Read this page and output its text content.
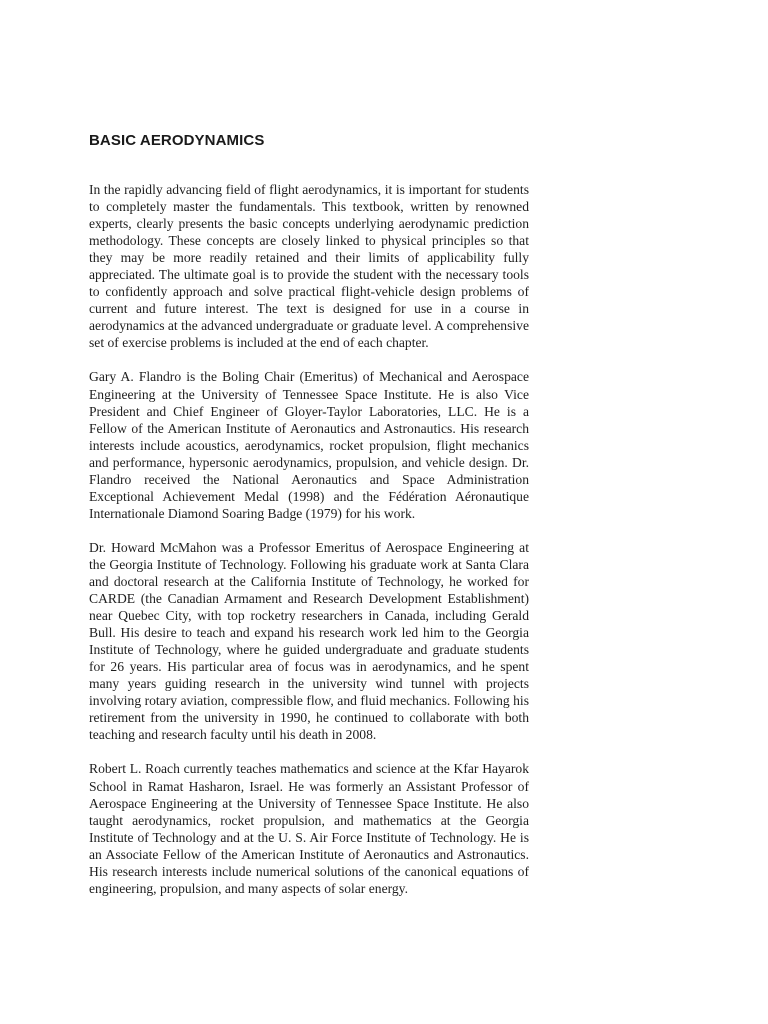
BASIC AERODYNAMICS

In the rapidly advancing field of flight aerodynamics, it is important for students to completely master the fundamentals. This textbook, written by renowned experts, clearly presents the basic concepts underlying aerodynamic prediction methodology. These concepts are closely linked to physical principles so that they may be more readily retained and their limits of applicability fully appreciated. The ultimate goal is to provide the student with the necessary tools to confidently approach and solve practical flight-vehicle design problems of current and future interest. The text is designed for use in a course in aerodynamics at the advanced undergraduate or graduate level. A comprehensive set of exercise problems is included at the end of each chapter.

Gary A. Flandro is the Boling Chair (Emeritus) of Mechanical and Aerospace Engineering at the University of Tennessee Space Institute. He is also Vice President and Chief Engineer of Gloyer-Taylor Laboratories, LLC. He is a Fellow of the American Institute of Aeronautics and Astronautics. His research interests include acoustics, aerodynamics, rocket propulsion, flight mechanics and performance, hypersonic aerodynamics, propulsion, and vehicle design. Dr. Flandro received the National Aeronautics and Space Administration Exceptional Achievement Medal (1998) and the Fédération Aéronautique Internationale Diamond Soaring Badge (1979) for his work.

Dr. Howard McMahon was a Professor Emeritus of Aerospace Engineering at the Georgia Institute of Technology. Following his graduate work at Santa Clara and doctoral research at the California Institute of Technology, he worked for CARDE (the Canadian Armament and Research Development Establishment) near Quebec City, with top rocketry researchers in Canada, including Gerald Bull. His desire to teach and expand his research work led him to the Georgia Institute of Technology, where he guided undergraduate and graduate students for 26 years. His particular area of focus was in aerodynamics, and he spent many years guiding research in the university wind tunnel with projects involving rotary aviation, compressible flow, and fluid mechanics. Following his retirement from the university in 1990, he continued to collaborate with both teaching and research faculty until his death in 2008.

Robert L. Roach currently teaches mathematics and science at the Kfar Hayarok School in Ramat Hasharon, Israel. He was formerly an Assistant Professor of Aerospace Engineering at the University of Tennessee Space Institute. He also taught aerodynamics, rocket propulsion, and mathematics at the Georgia Institute of Technology and at the U. S. Air Force Institute of Technology. He is an Associate Fellow of the American Institute of Aeronautics and Astronautics. His research interests include numerical solutions of the canonical equations of engineering, propulsion, and many aspects of solar energy.
